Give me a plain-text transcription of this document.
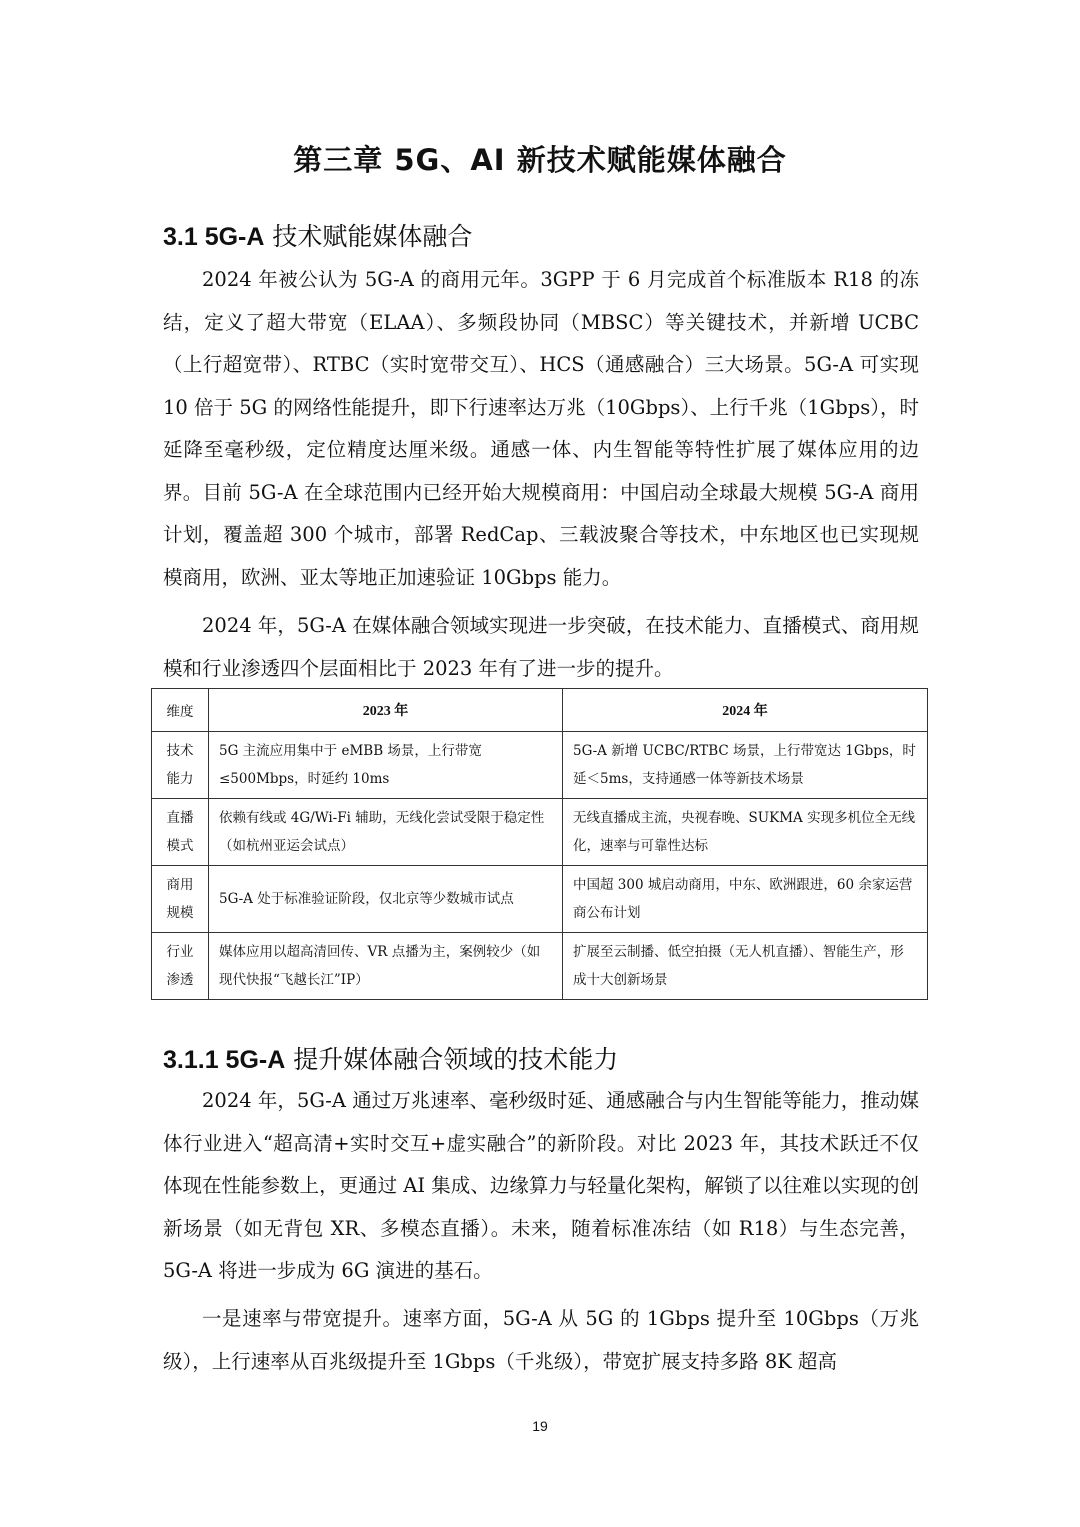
第三章 5G、AI 新技术赋能媒体融合
3.1 5G-A 技术赋能媒体融合

2024 年被公认为 5G-A 的商用元年。3GPP 于 6 月完成首个标准版本 R18 的冻结，定义了超大带宽（ELAA）、多频段协同（MBSC）等关键技术，并新增 UCBC（上行超宽带）、RTBC（实时宽带交互）、HCS（通感融合）三大场景。5G-A 可实现 10 倍于 5G 的网络性能提升，即下行速率达万兆（10Gbps）、上行千兆（1Gbps），时延降至毫秒级，定位精度达厘米级。通感一体、内生智能等特性扩展了媒体应用的边界。目前 5G-A 在全球范围内已经开始大规模商用：中国启动全球最大规模 5G-A 商用计划，覆盖超 300 个城市，部署 RedCap、三载波聚合等技术，中东地区也已实现规模商用，欧洲、亚太等地正加速验证 10Gbps 能力。

2024 年，5G-A 在媒体融合领域实现进一步突破，在技术能力、直播模式、商用规模和行业渗透四个层面相比于 2023 年有了进一步的提升。

维度	2023 年	2024 年
技术能力	5G 主流应用集中于 eMBB 场景，上行带宽≤500Mbps，时延约 10ms	5G-A 新增 UCBC/RTBC 场景，上行带宽达 1Gbps，时延＜5ms，支持通感一体等新技术场景
直播模式	依赖有线或 4G/Wi-Fi 辅助，无线化尝试受限于稳定性（如杭州亚运会试点）	无线直播成主流，央视春晚、SUKMA 实现多机位全无线化，速率与可靠性达标
商用规模	5G-A 处于标准验证阶段，仅北京等少数城市试点	中国超 300 城启动商用，中东、欧洲跟进，60 余家运营商公布计划
行业渗透	媒体应用以超高清回传、VR 点播为主，案例较少（如现代快报“飞越长江”IP）	扩展至云制播、低空拍摄（无人机直播）、智能生产，形成十大创新场景
3.1.1 5G-A 提升媒体融合领域的技术能力

2024 年，5G-A 通过万兆速率、毫秒级时延、通感融合与内生智能等能力，推动媒体行业进入“超高清+实时交互+虚实融合”的新阶段。对比 2023 年，其技术跃迁不仅体现在性能参数上，更通过 AI 集成、边缘算力与轻量化架构，解锁了以往难以实现的创新场景（如无背包 XR、多模态直播）。未来，随着标准冻结（如 R18）与生态完善，5G-A 将进一步成为 6G 演进的基石。

一是速率与带宽提升。速率方面，5G-A 从 5G 的 1Gbps 提升至 10Gbps（万兆级），上行速率从百兆级提升至 1Gbps（千兆级），带宽扩展支持多路 8K 超高

19
